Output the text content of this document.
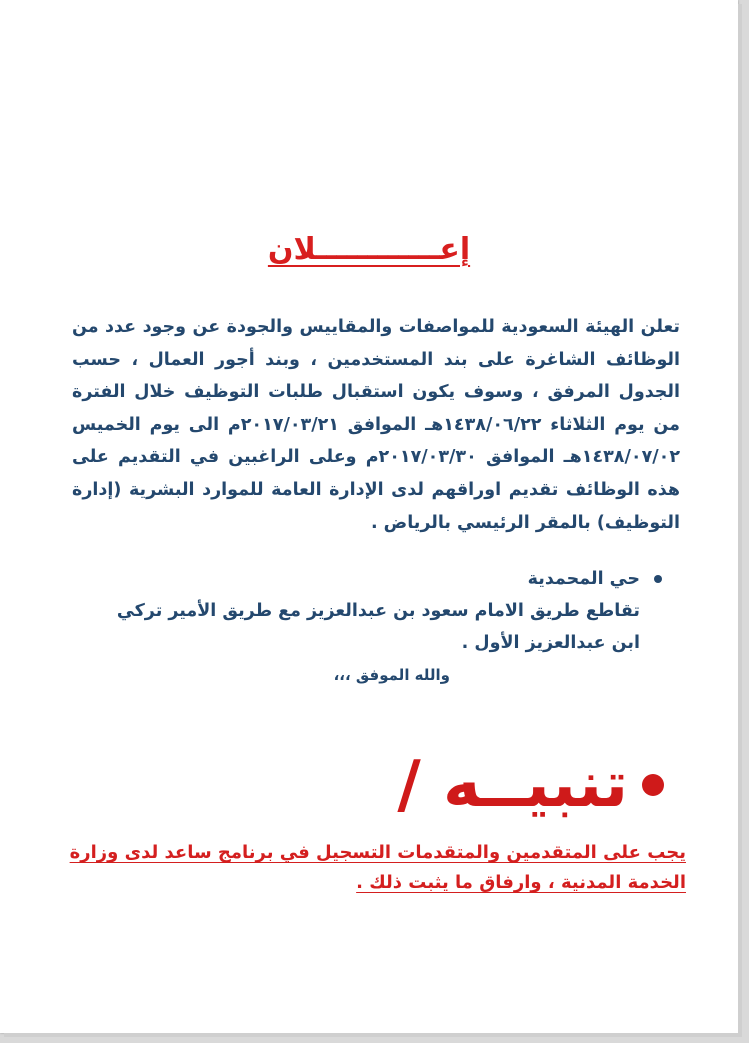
إعــــــــــــلان

تعلن الهيئة السعودية للمواصفات والمقاييس والجودة عن وجود عدد من الوظائف الشاغرة على بند المستخدمين ، وبند أجور العمال ، حسب الجدول المرفق ، وسوف يكون استقبال طلبات التوظيف خلال الفترة من يوم الثلاثاء ١٤٣٨/٠٦/٢٢هـ الموافق ٢٠١٧/٠٣/٢١م الى يوم الخميس ١٤٣٨/٠٧/٠٢هـ الموافق ٢٠١٧/٠٣/٣٠م وعلى الراغبين في التقديم على هذه الوظائف تقديم اوراقهم لدى الإدارة العامة للموارد البشرية (إدارة التوظيف) بالمقر الرئيسي بالرياض .

حي المحمدية
تقاطع طريق الامام سعود بن عبدالعزيز مع طريق الأمير تركي
ابن عبدالعزيز الأول .
والله الموفق ،،،
تنبيــه /
يجب على المتقدمين والمتقدمات التسجيل في برنامج ساعد لدى وزارة الخدمة المدنية ، وارفاق ما يثبت ذلك .
